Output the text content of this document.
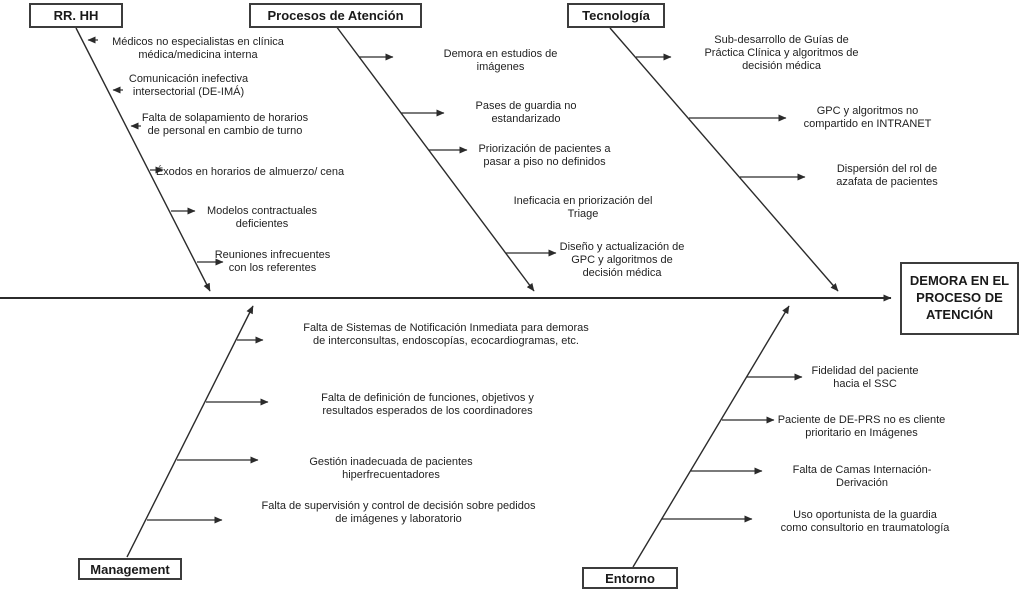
RR. HH	Procesos de Atención	Tecnología
Management
Entorno
DEMORA EN EL PROCESO DE ATENCIÓN
Médicos no especialistas en clínica médica/medicina interna
Comunicación inefectiva intersectorial (DE-IMÁ)
Falta de solapamiento de horarios de personal en cambio de turno
Éxodos en horarios de almuerzo/ cena
Modelos contractuales deficientes
Reuniones infrecuentes con los referentes
Demora en estudios de imágenes
Pases de guardia no estandarizado
Priorización de pacientes a pasar a piso no definidos
Ineficacia en priorización del Triage
Diseño y actualización de GPC y algoritmos de decisión médica
Sub-desarrollo de Guías de Práctica Clínica y algoritmos de decisión médica
GPC y algoritmos no compartido en INTRANET
Dispersión del rol de azafata de pacientes
Falta de Sistemas de Notificación Inmediata para demoras de interconsultas, endoscopías, ecocardiogramas, etc.
Falta de definición de funciones, objetivos y resultados esperados de los coordinadores
Gestión inadecuada de pacientes hiperfrecuentadores
Falta de supervisión y control de decisión sobre pedidos de imágenes y laboratorio
Fidelidad del paciente hacia el SSC
Paciente de DE-PRS no es cliente prioritario en Imágenes
Falta de Camas Internación-Derivación
Uso oportunista de la guardia como consultorio en traumatología
